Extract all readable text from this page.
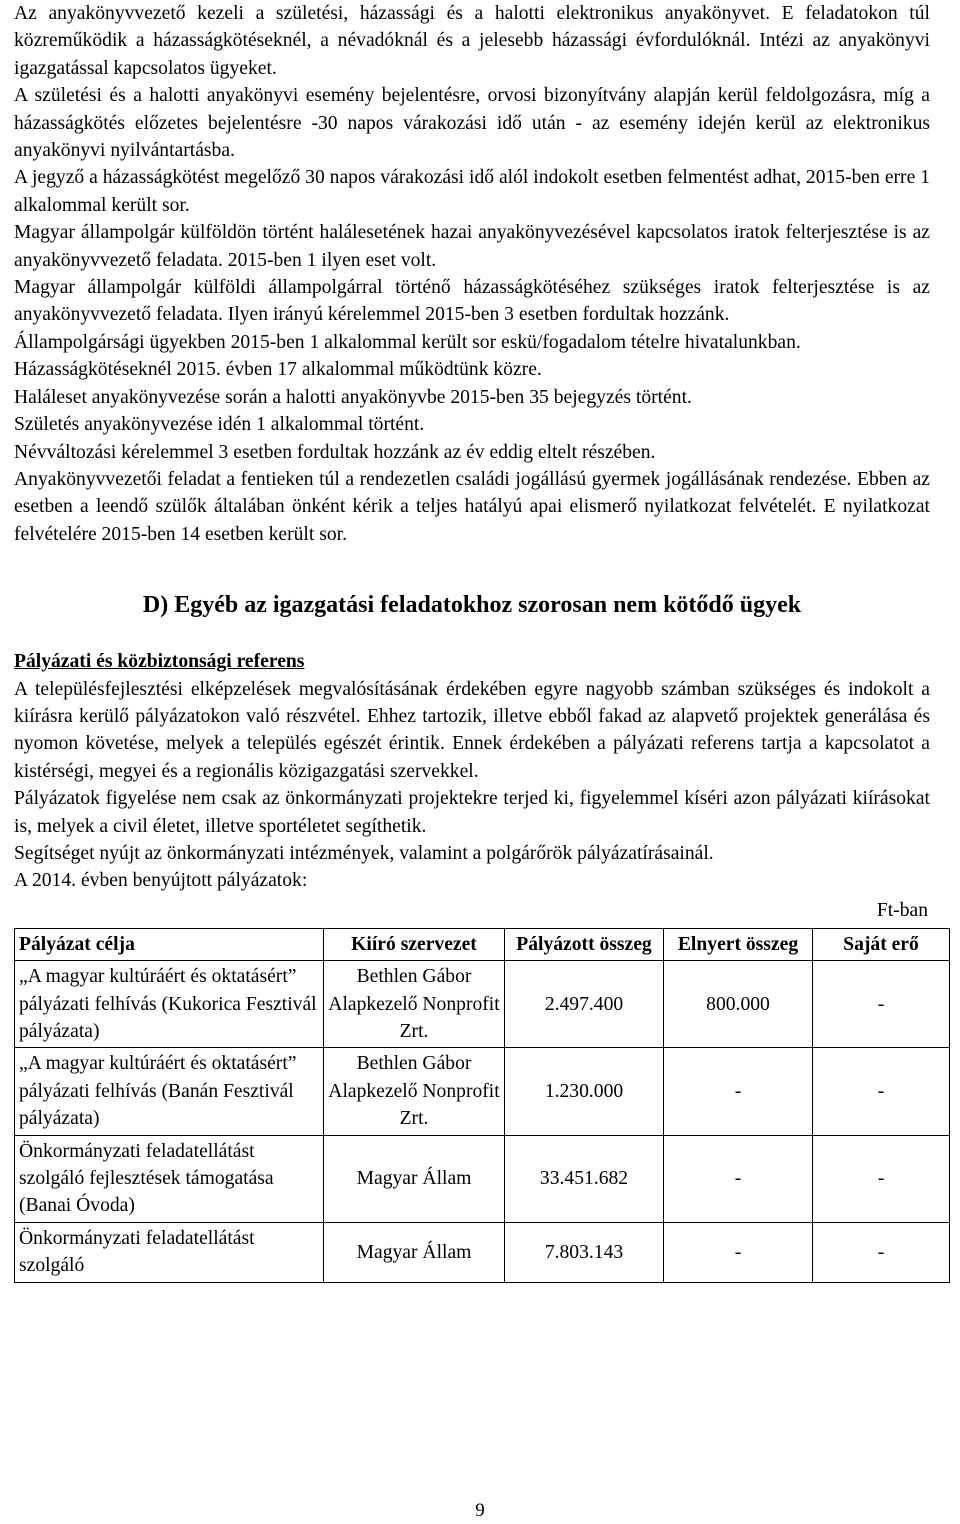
Az anyakönyvvezető kezeli a születési, házassági és a halotti elektronikus anyakönyvet. E feladatokon túl közreműködik a házasságkötéseknél, a névadóknál és a jelesebb házassági évfordulóknál. Intézi az anyakönyvi igazgatással kapcsolatos ügyeket.

A születési és a halotti anyakönyvi esemény bejelentésre, orvosi bizonyítvány alapján kerül feldolgozásra, míg a házasságkötés előzetes bejelentésre -30 napos várakozási idő után - az esemény idején kerül az elektronikus anyakönyvi nyilvántartásba.

A jegyző a házasságkötést megelőző 30 napos várakozási idő alól indokolt esetben felmentést adhat, 2015-ben erre 1 alkalommal került sor.

Magyar állampolgár külföldön történt halálesetének hazai anyakönyvezésével kapcsolatos iratok felterjesztése is az anyakönyvvezető feladata. 2015-ben 1 ilyen eset volt.

Magyar állampolgár külföldi állampolgárral történő házasságkötéséhez szükséges iratok felterjesztése is az anyakönyvvezető feladata. Ilyen irányú kérelemmel 2015-ben 3 esetben fordultak hozzánk.

Állampolgársági ügyekben 2015-ben 1 alkalommal került sor eskü/fogadalom tételre hivatalunkban.

Házasságkötéseknél 2015. évben 17 alkalommal működtünk közre.

Haláleset anyakönyvezése során a halotti anyakönyvbe 2015-ben 35 bejegyzés történt.

Születés anyakönyvezése idén 1 alkalommal történt.

Névváltozási kérelemmel 3 esetben fordultak hozzánk az év eddig eltelt részében.

Anyakönyvvezetői feladat a fentieken túl a rendezetlen családi jogállású gyermek jogállásának rendezése. Ebben az esetben a leendő szülők általában önként kérik a teljes hatályú apai elismerő nyilatkozat felvételét. E nyilatkozat felvételére 2015-ben 14 esetben került sor.

D) Egyéb az igazgatási feladatokhoz szorosan nem kötődő ügyek

Pályázati és közbiztonsági referens

A településfejlesztési elképzelések megvalósításának érdekében egyre nagyobb számban szükséges és indokolt a kiírásra kerülő pályázatokon való részvétel. Ehhez tartozik, illetve ebből fakad az alapvető projektek generálása és nyomon követése, melyek a település egészét érintik. Ennek érdekében a pályázati referens tartja a kapcsolatot a kistérségi, megyei és a regionális közigazgatási szervekkel.

Pályázatok figyelése nem csak az önkormányzati projektekre terjed ki, figyelemmel kíséri azon pályázati kiírásokat is, melyek a civil életet, illetve sportéletet segíthetik.

Segítséget nyújt az önkormányzati intézmények, valamint a polgárőrök pályázatírásainál.

A 2014. évben benyújtott pályázatok:

Ft-ban
Pályázat célja	Kiíró szervezet	Pályázott összeg	Elnyert összeg	Saját erő
„A magyar kultúráért és oktatásért” pályázati felhívás (Kukorica Fesztivál pályázata)	Bethlen Gábor Alapkezelő Nonprofit Zrt.	2.497.400	800.000	-
„A magyar kultúráért és oktatásért” pályázati felhívás (Banán Fesztivál pályázata)	Bethlen Gábor Alapkezelő Nonprofit Zrt.	1.230.000	-	-
Önkormányzati feladatellátást szolgáló fejlesztések támogatása (Banai Óvoda)	Magyar Állam	33.451.682	-	-
Önkormányzati feladatellátást szolgáló	Magyar Állam	7.803.143	-	-
9
